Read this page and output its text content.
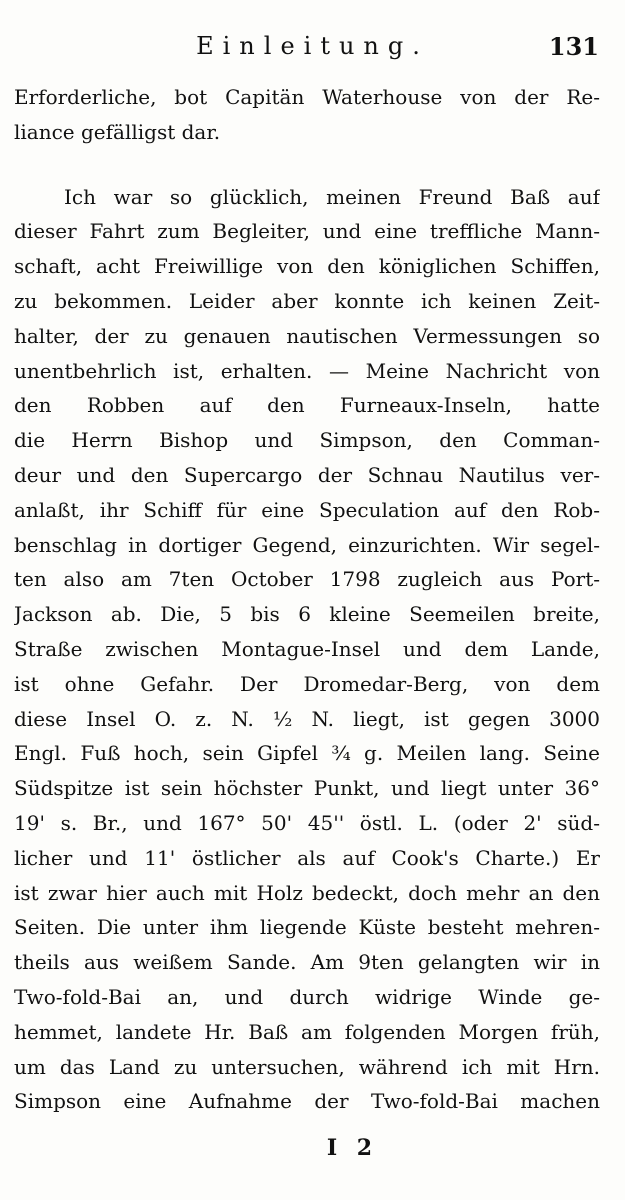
Einleitung.	131
Erforderliche, bot Capitän Waterhouse von der Re-
liance gefälligst dar.
Ich war so glücklich, meinen Freund Baß auf
dieser Fahrt zum Begleiter, und eine treffliche Mann-
schaft, acht Freiwillige von den königlichen Schiffen,
zu bekommen. Leider aber konnte ich keinen Zeit-
halter, der zu genauen nautischen Vermessungen so
unentbehrlich ist, erhalten. — Meine Nachricht von
den Robben auf den Furneaux-Inseln, hatte
die Herrn Bishop und Simpson, den Comman-
deur und den Supercargo der Schnau Nautilus ver-
anlaßt, ihr Schiff für eine Speculation auf den Rob-
benschlag in dortiger Gegend, einzurichten. Wir segel-
ten also am 7ten October 1798 zugleich aus Port-
Jackson ab. Die, 5 bis 6 kleine Seemeilen breite,
Straße zwischen Montague-Insel und dem Lande,
ist ohne Gefahr. Der Dromedar-Berg, von dem
diese Insel O. z. N. ½ N. liegt, ist gegen 3000
Engl. Fuß hoch, sein Gipfel ¾ g. Meilen lang. Seine
Südspitze ist sein höchster Punkt, und liegt unter 36°
19' s. Br., und 167° 50' 45'' östl. L. (oder 2' süd-
licher und 11' östlicher als auf Cook's Charte.) Er
ist zwar hier auch mit Holz bedeckt, doch mehr an den
Seiten. Die unter ihm liegende Küste besteht mehren-
theils aus weißem Sande. Am 9ten gelangten wir in
Two-fold-Bai an, und durch widrige Winde ge-
hemmet, landete Hr. Baß am folgenden Morgen früh,
um das Land zu untersuchen, während ich mit Hrn.
Simpson eine Aufnahme der Two-fold-Bai machen
I 2
